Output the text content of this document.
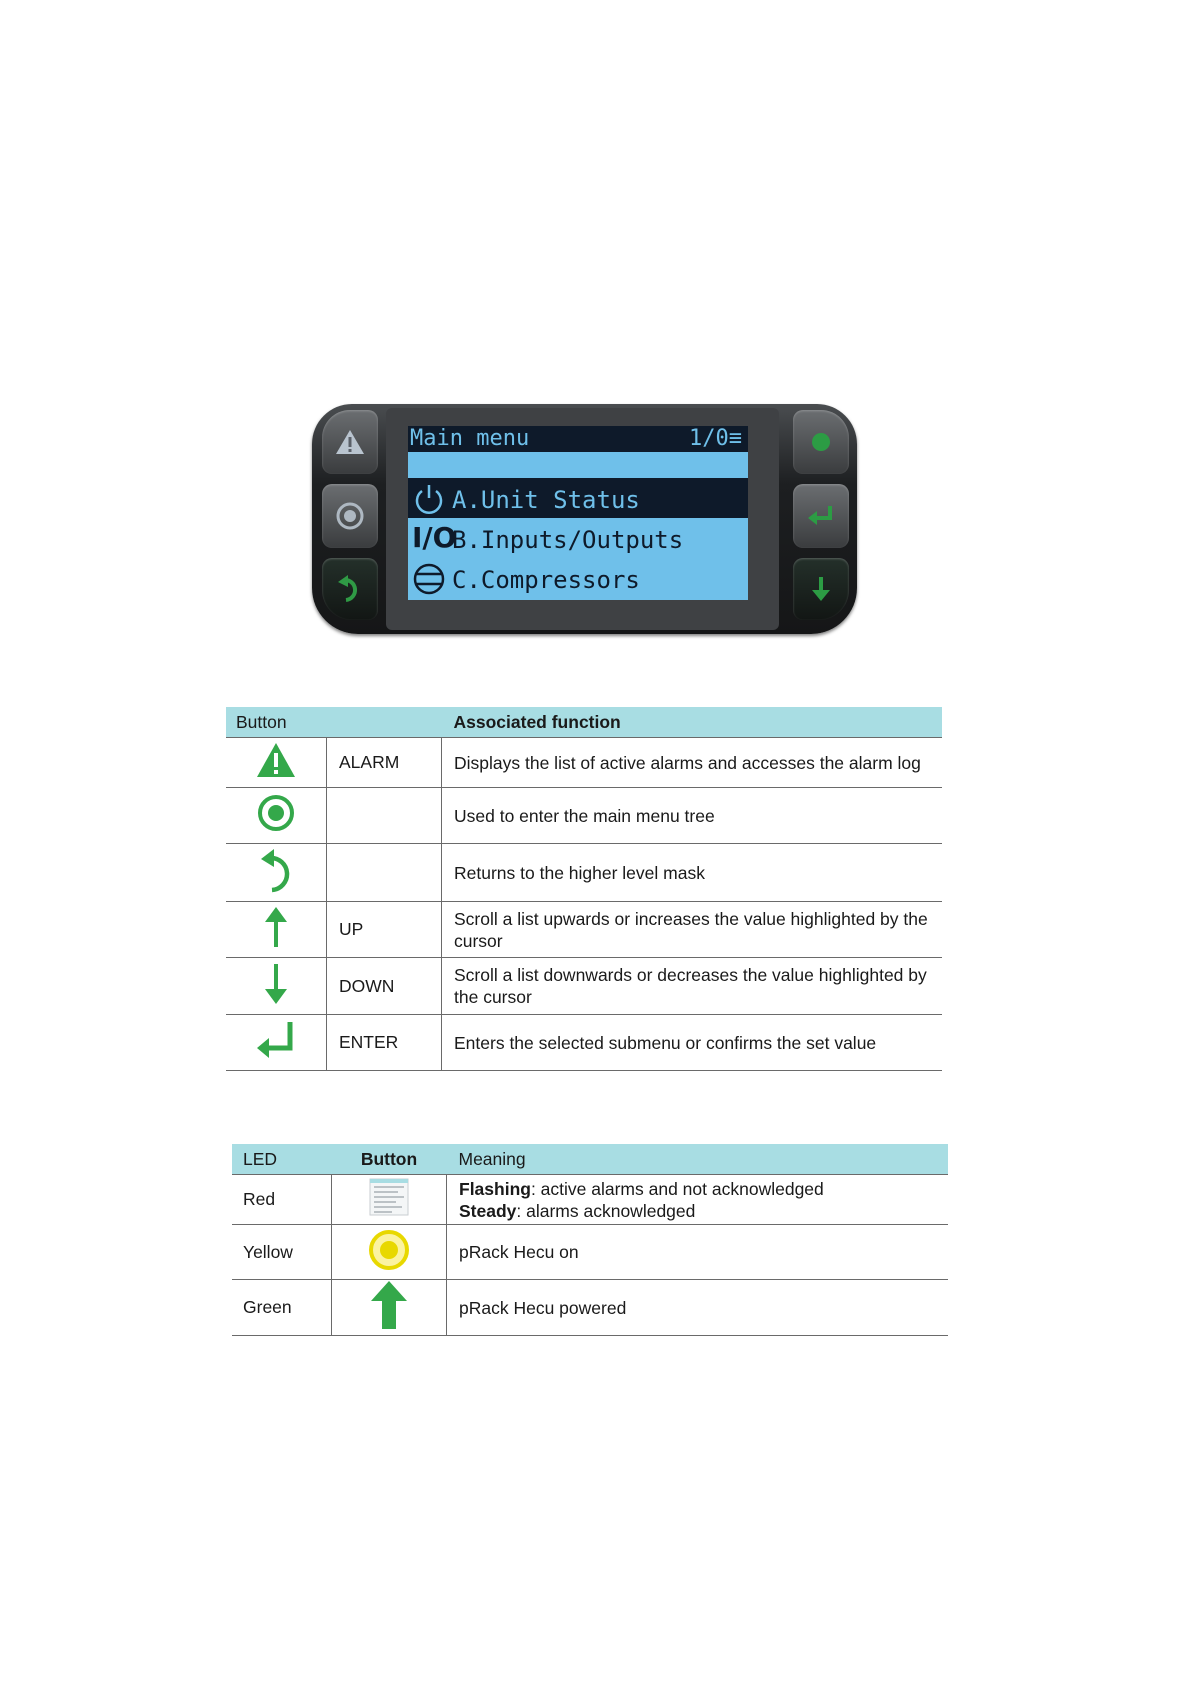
Main menu	1/0≡
A.Unit Status
I/O
B.Inputs/Outputs
C.Compressors
Button		Associated function
	ALARM	Displays the list of active alarms and accesses the alarm log
		Used to enter the main menu tree
		Returns to the higher level mask
	UP	Scroll a list upwards or increases the value highlighted by the cursor
	DOWN	Scroll a list downwards or decreases the value highlighted by the cursor
	ENTER	Enters the selected submenu or confirms the set value
LED	Button	Meaning
Red		Flashing: active alarms and not acknowledged
Steady: alarms acknowledged
Yellow		pRack Hecu on
Green		pRack Hecu powered
